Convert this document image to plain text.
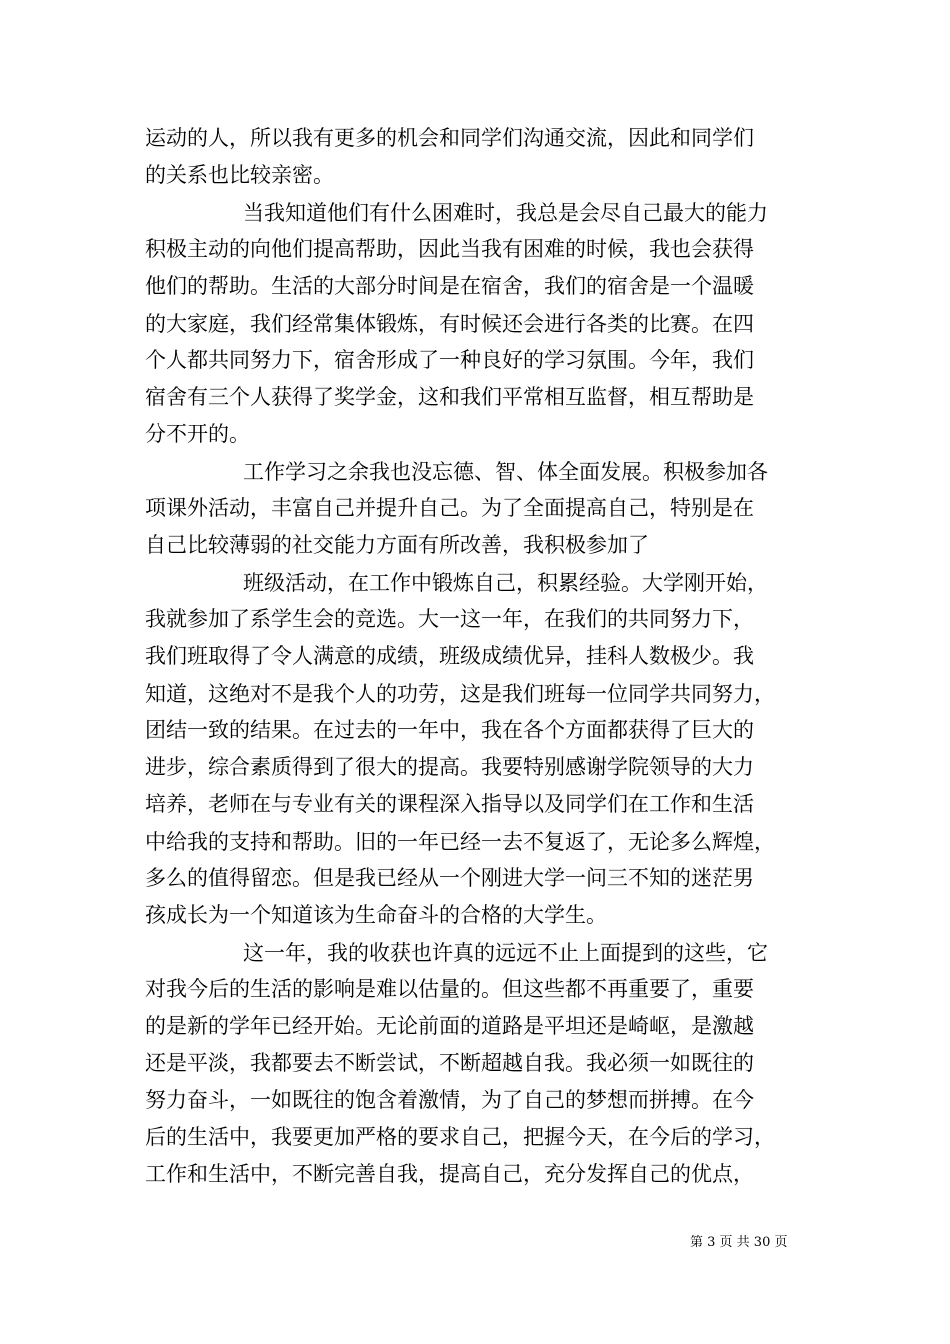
运动的人，所以我有更多的机会和同学们沟通交流，因此和同学们

的关系也比较亲密。

当我知道他们有什么困难时，我总是会尽自己最大的能力

积极主动的向他们提高帮助，因此当我有困难的时候，我也会获得

他们的帮助。生活的大部分时间是在宿舍，我们的宿舍是一个温暖

的大家庭，我们经常集体锻炼，有时候还会进行各类的比赛。在四

个人都共同努力下，宿舍形成了一种良好的学习氛围。今年，我们

宿舍有三个人获得了奖学金，这和我们平常相互监督，相互帮助是

分不开的。

工作学习之余我也没忘德、智、体全面发展。积极参加各

项课外活动，丰富自己并提升自己。为了全面提高自己，特别是在

自己比较薄弱的社交能力方面有所改善，我积极参加了

班级活动，在工作中锻炼自己，积累经验。大学刚开始，

我就参加了系学生会的竞选。大一这一年，在我们的共同努力下，

我们班取得了令人满意的成绩，班级成绩优异，挂科人数极少。我

知道，这绝对不是我个人的功劳，这是我们班每一位同学共同努力，

团结一致的结果。在过去的一年中，我在各个方面都获得了巨大的

进步，综合素质得到了很大的提高。我要特别感谢学院领导的大力

培养，老师在与专业有关的课程深入指导以及同学们在工作和生活

中给我的支持和帮助。旧的一年已经一去不复返了，无论多么辉煌，

多么的值得留恋。但是我已经从一个刚进大学一问三不知的迷茫男

孩成长为一个知道该为生命奋斗的合格的大学生。

这一年，我的收获也许真的远远不止上面提到的这些，它

对我今后的生活的影响是难以估量的。但这些都不再重要了，重要

的是新的学年已经开始。无论前面的道路是平坦还是崎岖，是激越

还是平淡，我都要去不断尝试，不断超越自我。我必须一如既往的

努力奋斗，一如既往的饱含着激情，为了自己的梦想而拼搏。在今

后的生活中，我要更加严格的要求自己，把握今天，在今后的学习，

工作和生活中，不断完善自我，提高自己，充分发挥自己的优点，

第 3 页 共 30 页
